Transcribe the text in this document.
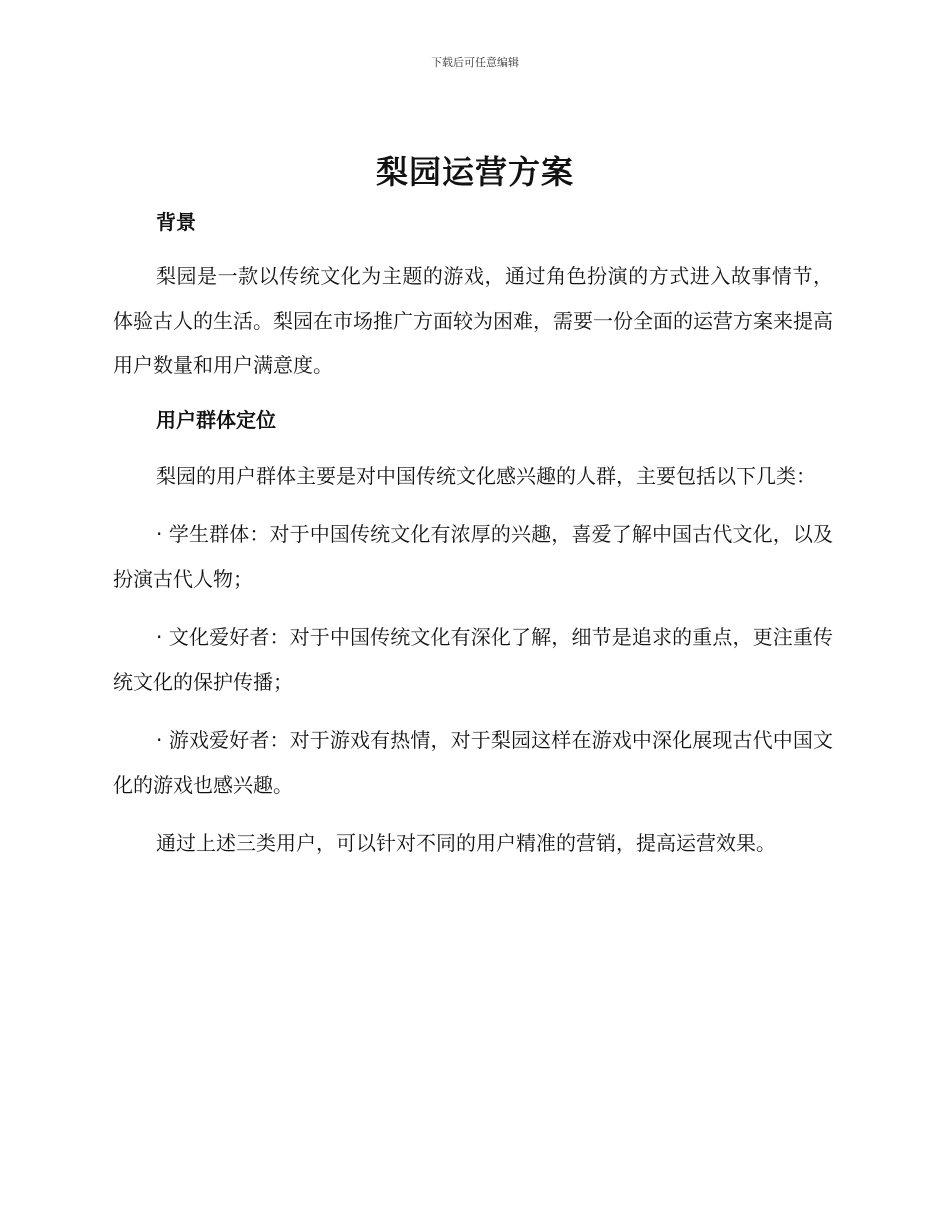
下载后可任意编辑
梨园运营方案
背景

梨园是一款以传统文化为主题的游戏，通过角色扮演的方式进入故事情节，体验古人的生活。梨园在市场推广方面较为困难，需要一份全面的运营方案来提高用户数量和用户满意度。

用户群体定位

梨园的用户群体主要是对中国传统文化感兴趣的人群，主要包括以下几类：

· 学生群体：对于中国传统文化有浓厚的兴趣，喜爱了解中国古代文化，以及扮演古代人物；

· 文化爱好者：对于中国传统文化有深化了解，细节是追求的重点，更注重传统文化的保护传播；

· 游戏爱好者：对于游戏有热情，对于梨园这样在游戏中深化展现古代中国文化的游戏也感兴趣。

通过上述三类用户，可以针对不同的用户精准的营销，提高运营效果。
